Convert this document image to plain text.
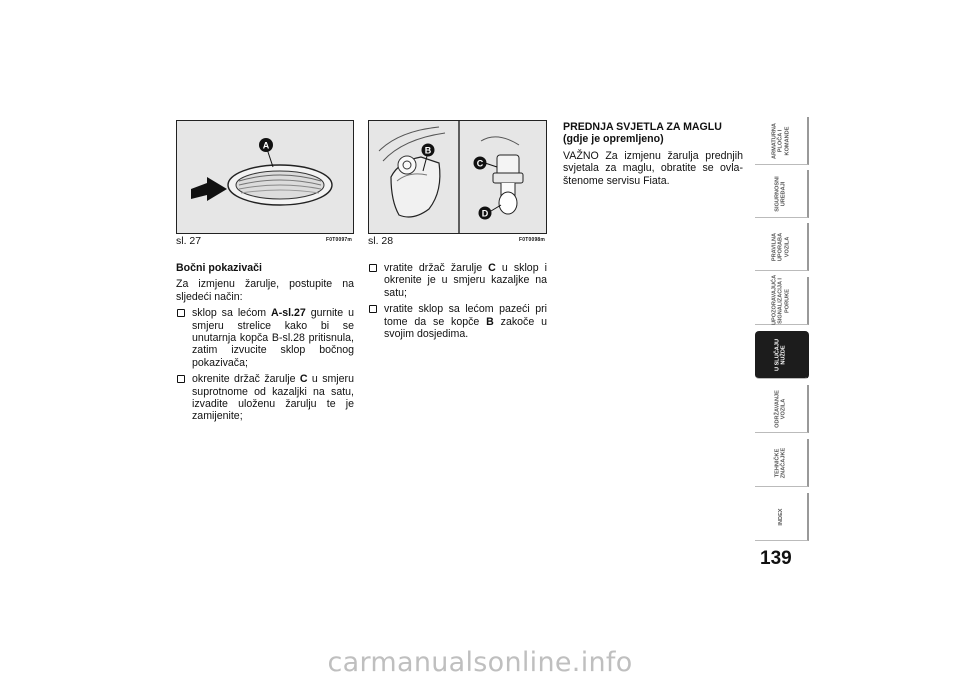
A
sl. 27	F0T0097m
B
C
D
sl. 28	F0T0098m

Bočni pokazivači

Za izmjenu žarulje, postupite na sljedeći način:

sklop sa lećom A-sl.27 gurnite u smjeru strelice kako bi se unutarnja kopča B-sl.28 pritisnula, zatim izvucite sklop bočnog pokazivača;
okrenite držač žarulje C u smjeru suprotnome od kazaljki na satu, izvadite uloženu žarulju te je zamijenite;
vratite držač žarulje C u sklop i okrenite je u smjeru kazaljke na satu;
vratite sklop sa lećom pazeći pri tome da se kopče B zakoče u svojim dosjedima.
PREDNJA SVJETLA ZA MAGLU
(gdje je opremljeno)

VAŽNO Za izmjenu žarulja prednjih svjetala za maglu, obratite se ovlaštenome servisu Fiata.

ARMATURNA
PLOČA I
KOMANDE
SIGURNOSNI
UREĐAJI
PRAVILNA
UPORABA
VOZILA
UPOZORAVAJUĆA
SIGNALIZACIJA I
PORUKE
U SLUČAJU
NUŽDE
ODRŽAVANJE
VOZILA
TEHNIČKE
ZNAČAJKE
INDEX
139
carmanualsonline.info
